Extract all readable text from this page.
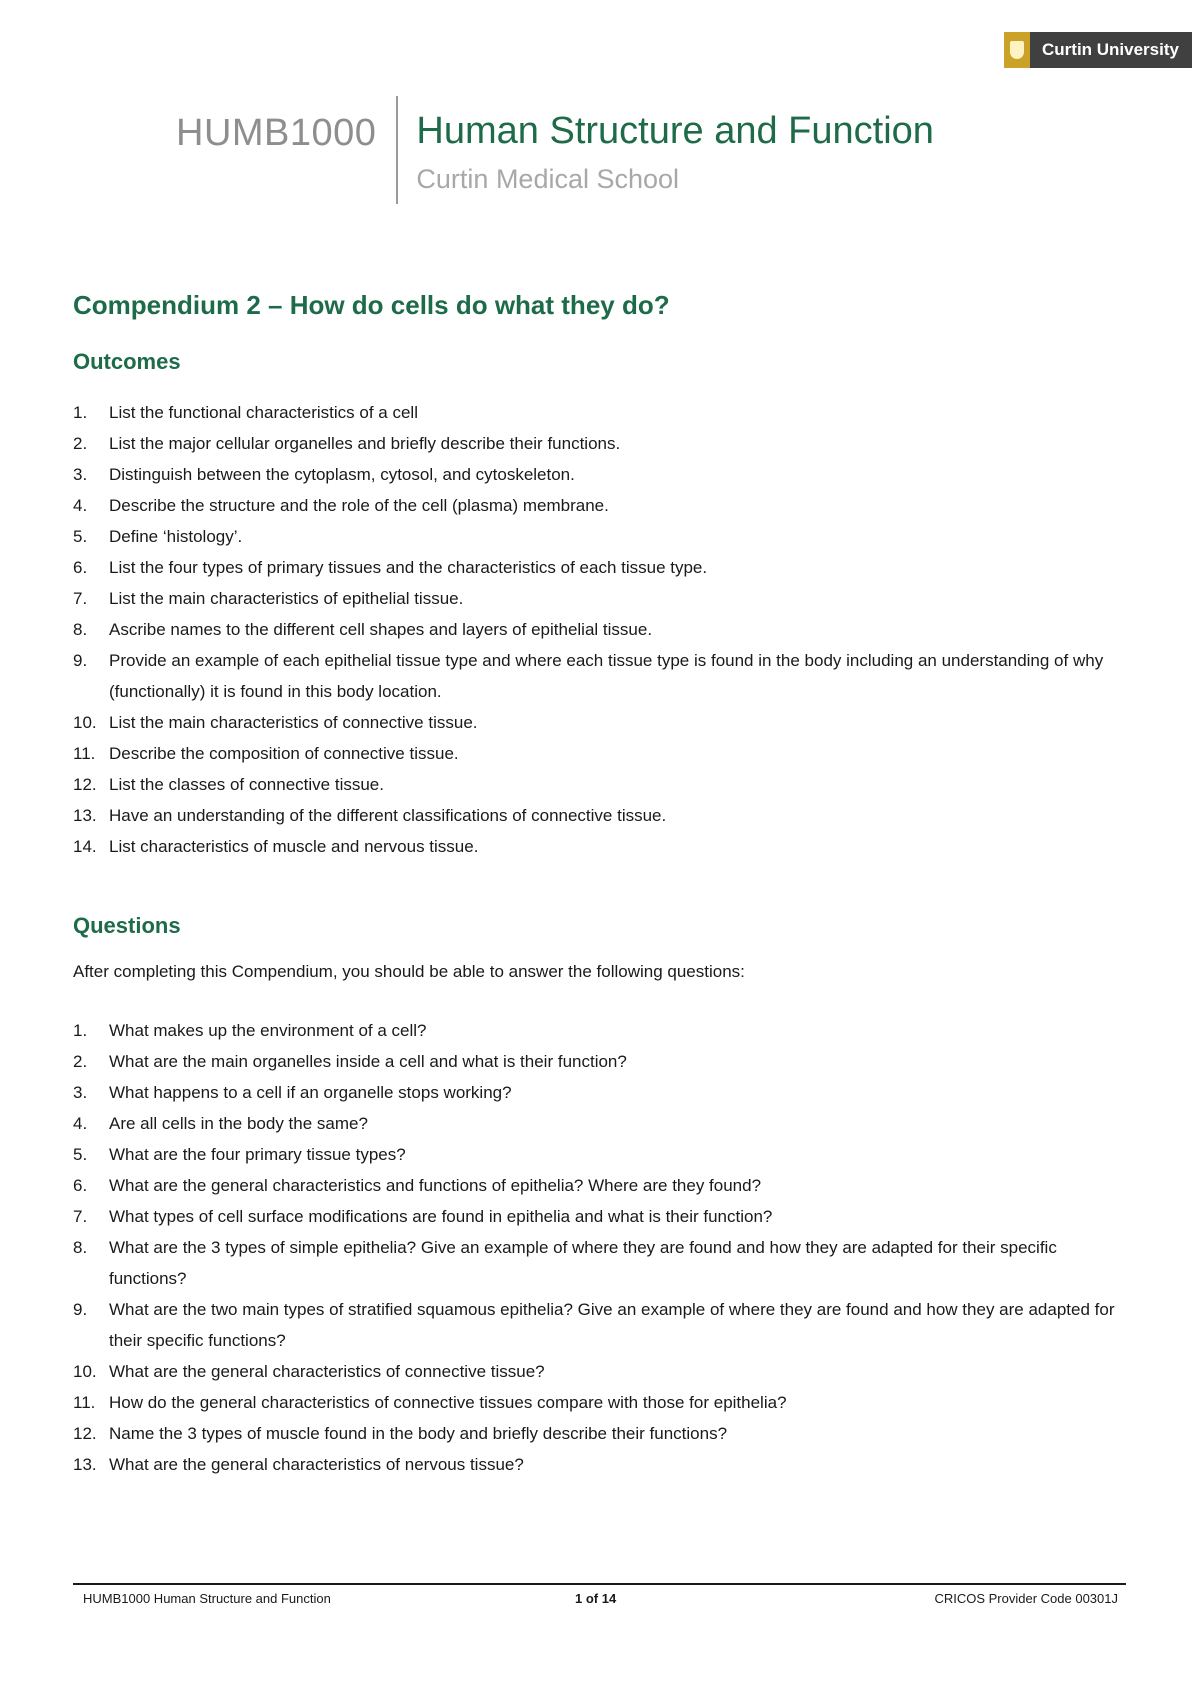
Curtin University
HUMB1000 Human Structure and Function
Curtin Medical School
Compendium 2 – How do cells do what they do?
Outcomes
1. List the functional characteristics of a cell
2. List the major cellular organelles and briefly describe their functions.
3. Distinguish between the cytoplasm, cytosol, and cytoskeleton.
4. Describe the structure and the role of the cell (plasma) membrane.
5. Define ‘histology’.
6. List the four types of primary tissues and the characteristics of each tissue type.
7. List the main characteristics of epithelial tissue.
8. Ascribe names to the different cell shapes and layers of epithelial tissue.
9. Provide an example of each epithelial tissue type and where each tissue type is found in the body including an understanding of why (functionally) it is found in this body location.
10. List the main characteristics of connective tissue.
11. Describe the composition of connective tissue.
12. List the classes of connective tissue.
13. Have an understanding of the different classifications of connective tissue.
14. List characteristics of muscle and nervous tissue.
Questions

After completing this Compendium, you should be able to answer the following questions:

1. What makes up the environment of a cell?
2. What are the main organelles inside a cell and what is their function?
3. What happens to a cell if an organelle stops working?
4. Are all cells in the body the same?
5. What are the four primary tissue types?
6. What are the general characteristics and functions of epithelia? Where are they found?
7. What types of cell surface modifications are found in epithelia and what is their function?
8. What are the 3 types of simple epithelia? Give an example of where they are found and how they are adapted for their specific functions?
9. What are the two main types of stratified squamous epithelia? Give an example of where they are found and how they are adapted for their specific functions?
10. What are the general characteristics of connective tissue?
11. How do the general characteristics of connective tissues compare with those for epithelia?
12. Name the 3 types of muscle found in the body and briefly describe their functions?
13. What are the general characteristics of nervous tissue?
HUMB1000 Human Structure and Function	1 of 14	CRICOS Provider Code 00301J
